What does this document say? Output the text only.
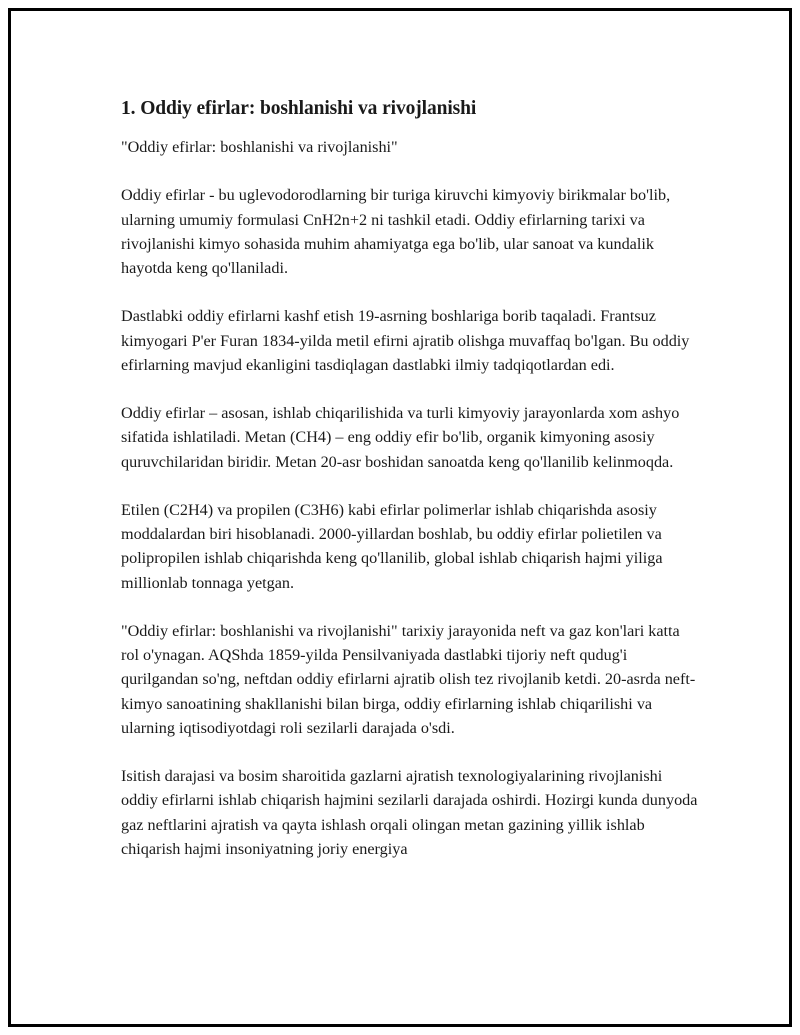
1. Oddiy efirlar: boshlanishi va rivojlanishi

"Oddiy efirlar: boshlanishi va rivojlanishi"

Oddiy efirlar - bu uglevodorodlarning bir turiga kiruvchi kimyoviy birikmalar bo'lib, ularning umumiy formulasi CnH2n+2 ni tashkil etadi. Oddiy efirlarning tarixi va rivojlanishi kimyo sohasida muhim ahamiyatga ega bo'lib, ular sanoat va kundalik hayotda keng qo'llaniladi.

Dastlabki oddiy efirlarni kashf etish 19-asrning boshlariga borib taqaladi. Frantsuz kimyogari P'er Furan 1834-yilda metil efirni ajratib olishga muvaffaq bo'lgan. Bu oddiy efirlarning mavjud ekanligini tasdiqlagan dastlabki ilmiy tadqiqotlardan edi.

Oddiy efirlar – asosan, ishlab chiqarilishida va turli kimyoviy jarayonlarda xom ashyo sifatida ishlatiladi. Metan (CH4) – eng oddiy efir bo'lib, organik kimyoning asosiy quruvchilaridan biridir. Metan 20-asr boshidan sanoatda keng qo'llanilib kelinmoqda.

Etilen (C2H4) va propilen (C3H6) kabi efirlar polimerlar ishlab chiqarishda asosiy moddalardan biri hisoblanadi. 2000-yillardan boshlab, bu oddiy efirlar polietilen va polipropilen ishlab chiqarishda keng qo'llanilib, global ishlab chiqarish hajmi yiliga millionlab tonnaga yetgan.

"Oddiy efirlar: boshlanishi va rivojlanishi" tarixiy jarayonida neft va gaz kon'lari katta rol o'ynagan. AQShda 1859-yilda Pensilvaniyada dastlabki tijoriy neft qudug'i qurilgandan so'ng, neftdan oddiy efirlarni ajratib olish tez rivojlanib ketdi. 20-asrda neft-kimyo sanoatining shakllanishi bilan birga, oddiy efirlarning ishlab chiqarilishi va ularning iqtisodiyotdagi roli sezilarli darajada o'sdi.

Isitish darajasi va bosim sharoitida gazlarni ajratish texnologiyalarining rivojlanishi oddiy efirlarni ishlab chiqarish hajmini sezilarli darajada oshirdi. Hozirgi kunda dunyoda gaz neftlarini ajratish va qayta ishlash orqali olingan metan gazining yillik ishlab chiqarish hajmi insoniyatning joriy energiya
